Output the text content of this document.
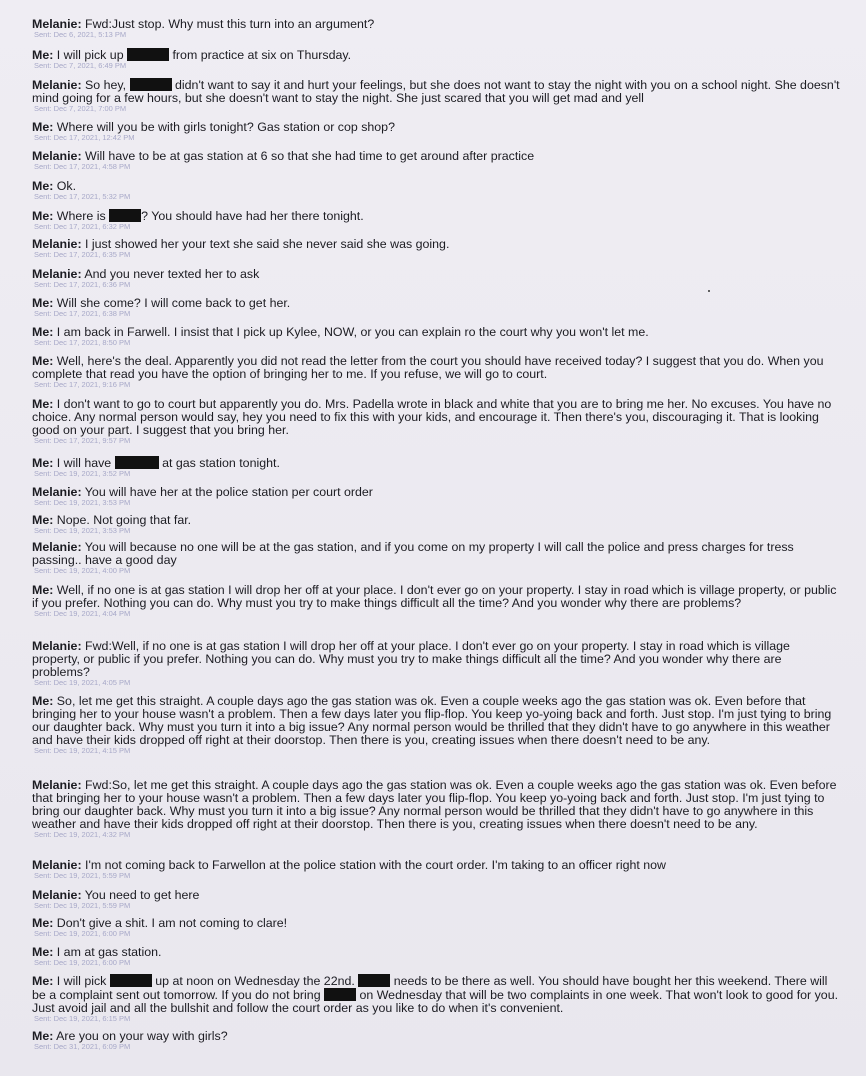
Melanie: Fwd:Just stop. Why must this turn into an argument?

Sent: Dec 6, 2021, 5:13 PM

Me: I will pick up	from practice at six on Thursday.

Sent: Dec 7, 2021, 6:49 PM

Melanie: So hey,	didn't want to say it and hurt your feelings, but she does not want to stay the night with you on a school night. She doesn't mind going for a few hours, but she doesn't want to stay the night. She just scared that you will get mad and yell

Sent: Dec 7, 2021, 7:00 PM

Me: Where will you be with girls tonight? Gas station or cop shop?

Sent: Dec 17, 2021, 12:42 PM

Melanie: Will have to be at gas station at 6 so that she had time to get around after practice

Sent: Dec 17, 2021, 4:58 PM

Me: Ok.

Sent: Dec 17, 2021, 5:32 PM

Me: Where is	? You should have had her there tonight.

Sent: Dec 17, 2021, 6:32 PM

Melanie: I just showed her your text she said she never said she was going.

Sent: Dec 17, 2021, 6:35 PM

Melanie: And you never texted her to ask

Sent: Dec 17, 2021, 6:36 PM

Me: Will she come? I will come back to get her.

Sent: Dec 17, 2021, 6:38 PM

Me: I am back in Farwell. I insist that I pick up Kylee, NOW, or you can explain ro the court why you won't let me.

Sent: Dec 17, 2021, 8:50 PM

Me: Well, here's the deal. Apparently you did not read the letter from the court you should have received today? I suggest that you do. When you complete that read you have the option of bringing her to me. If you refuse, we will go to court.

Sent: Dec 17, 2021, 9:16 PM

Me: I don't want to go to court but apparently you do. Mrs. Padella wrote in black and white that you are to bring me her. No excuses. You have no choice. Any normal person would say, hey you need to fix this with your kids, and encourage it. Then there's you, discouraging it. That is looking good on your part. I suggest that you bring her.

Sent: Dec 17, 2021, 9:57 PM

Me: I will have	at gas station tonight.

Sent: Dec 19, 2021, 3:52 PM

Melanie: You will have her at the police station per court order

Sent: Dec 19, 2021, 3:53 PM

Me: Nope. Not going that far.

Sent: Dec 19, 2021, 3:53 PM

Melanie: You will because no one will be at the gas station, and if you come on my property I will call the police and press charges for tress passing.. have a good day

Sent: Dec 19, 2021, 4:00 PM

Me: Well, if no one is at gas station I will drop her off at your place. I don't ever go on your property. I stay in road which is village property, or public if you prefer. Nothing you can do. Why must you try to make things difficult all the time? And you wonder why there are problems?

Sent: Dec 19, 2021, 4:04 PM

Melanie: Fwd:Well, if no one is at gas station I will drop her off at your place. I don't ever go on your property. I stay in road which is village property, or public if you prefer. Nothing you can do. Why must you try to make things difficult all the time? And you wonder why there are problems?

Sent: Dec 19, 2021, 4:05 PM

Me: So, let me get this straight. A couple days ago the gas station was ok. Even a couple weeks ago the gas station was ok. Even before that bringing her to your house wasn't a problem. Then a few days later you flip-flop. You keep yo-yoing back and forth. Just stop. I'm just tying to bring our daughter back. Why must you turn it into a big issue? Any normal person would be thrilled that they didn't have to go anywhere in this weather and have their kids dropped off right at their doorstop. Then there is you, creating issues when there doesn't need to be any.

Sent: Dec 19, 2021, 4:15 PM

Melanie: Fwd:So, let me get this straight. A couple days ago the gas station was ok. Even a couple weeks ago the gas station was ok. Even before that bringing her to your house wasn't a problem. Then a few days later you flip-flop. You keep yo-yoing back and forth. Just stop. I'm just tying to bring our daughter back. Why must you turn it into a big issue? Any normal person would be thrilled that they didn't have to go anywhere in this weather and have their kids dropped off right at their doorstop. Then there is you, creating issues when there doesn't need to be any.

Sent: Dec 19, 2021, 4:32 PM

Melanie: I'm not coming back to Farwellon at the police station with the court order. I'm taking to an officer right now

Sent: Dec 19, 2021, 5:59 PM

Melanie: You need to get here

Sent: Dec 19, 2021, 5:59 PM

Me: Don't give a shit. I am not coming to clare!

Sent: Dec 19, 2021, 6:00 PM

Me: I am at gas station.

Sent: Dec 19, 2021, 6:00 PM

Me: I will pick	up at noon on Wednesday the 22nd.	needs to be there as well. You should have bought her this weekend. There will be a complaint sent out tomorrow. If you do not bring	on Wednesday that will be two complaints in one week. That won't look to good for you. Just avoid jail and all the bullshit and follow the court order as you like to do when it's convenient.

Sent: Dec 19, 2021, 6:15 PM

Me: Are you on your way with girls?

Sent: Dec 31, 2021, 6:09 PM
